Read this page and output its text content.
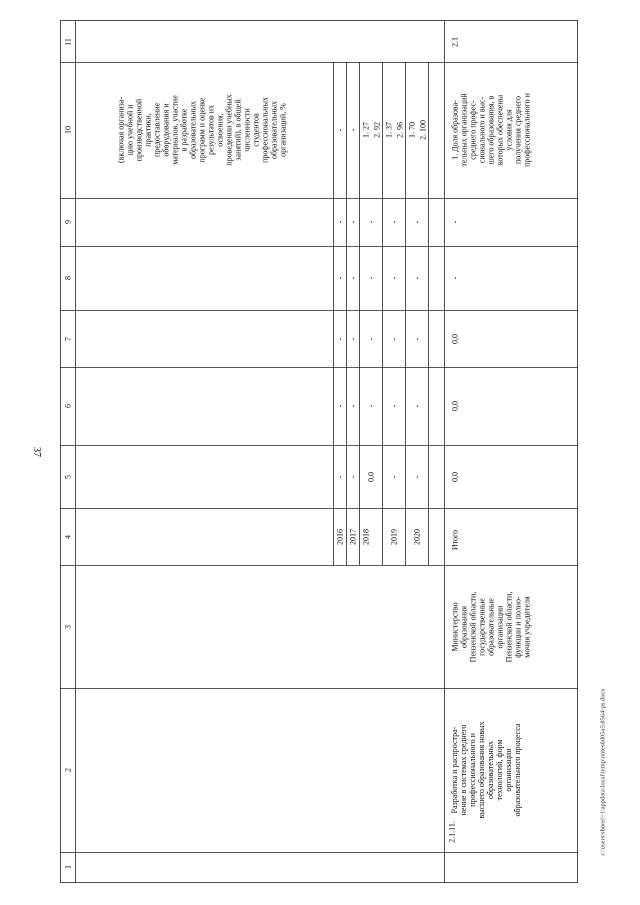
37
c:\users\sborei~1\appdata\local\temp\notes6d05a5\8564-ps.docx
1
2
3
4
5
6
7
8
9
10
11
(включая организа- цию учебной и производственной практики, предоставление оборудования и материалов, участие в разработке образовательных программ и оценке результатов их освоения, проведении учебных занятий), в общей численности студентов профессиональных образовательных организаций, %
2016
-
-
-
-
-
-
2017
-
-
-
-
-
-
2018
0,0
-
-
-
-
1. 27 2. 92
2019
-
-
-
-
-
1. 37 2. 96
2020
-
-
-
-
-
1. 70 2. 100
2.1.11.
Разработка и распростра- нение в системах среднего профессионального и высшего образования новых образовательных технологий, форм организации образовательного процесса
Министерство образования Пензенской области, государственные образовательные организации Пензенской области, функции и полно- мочия учредителя
Итого
0,0
0,0
0,0
-
-
1. Доля образова- тельных организаций среднего профес- сионального и выс- шего образования, в которых обеспечены условия для получения среднего профессионального и
2.1
